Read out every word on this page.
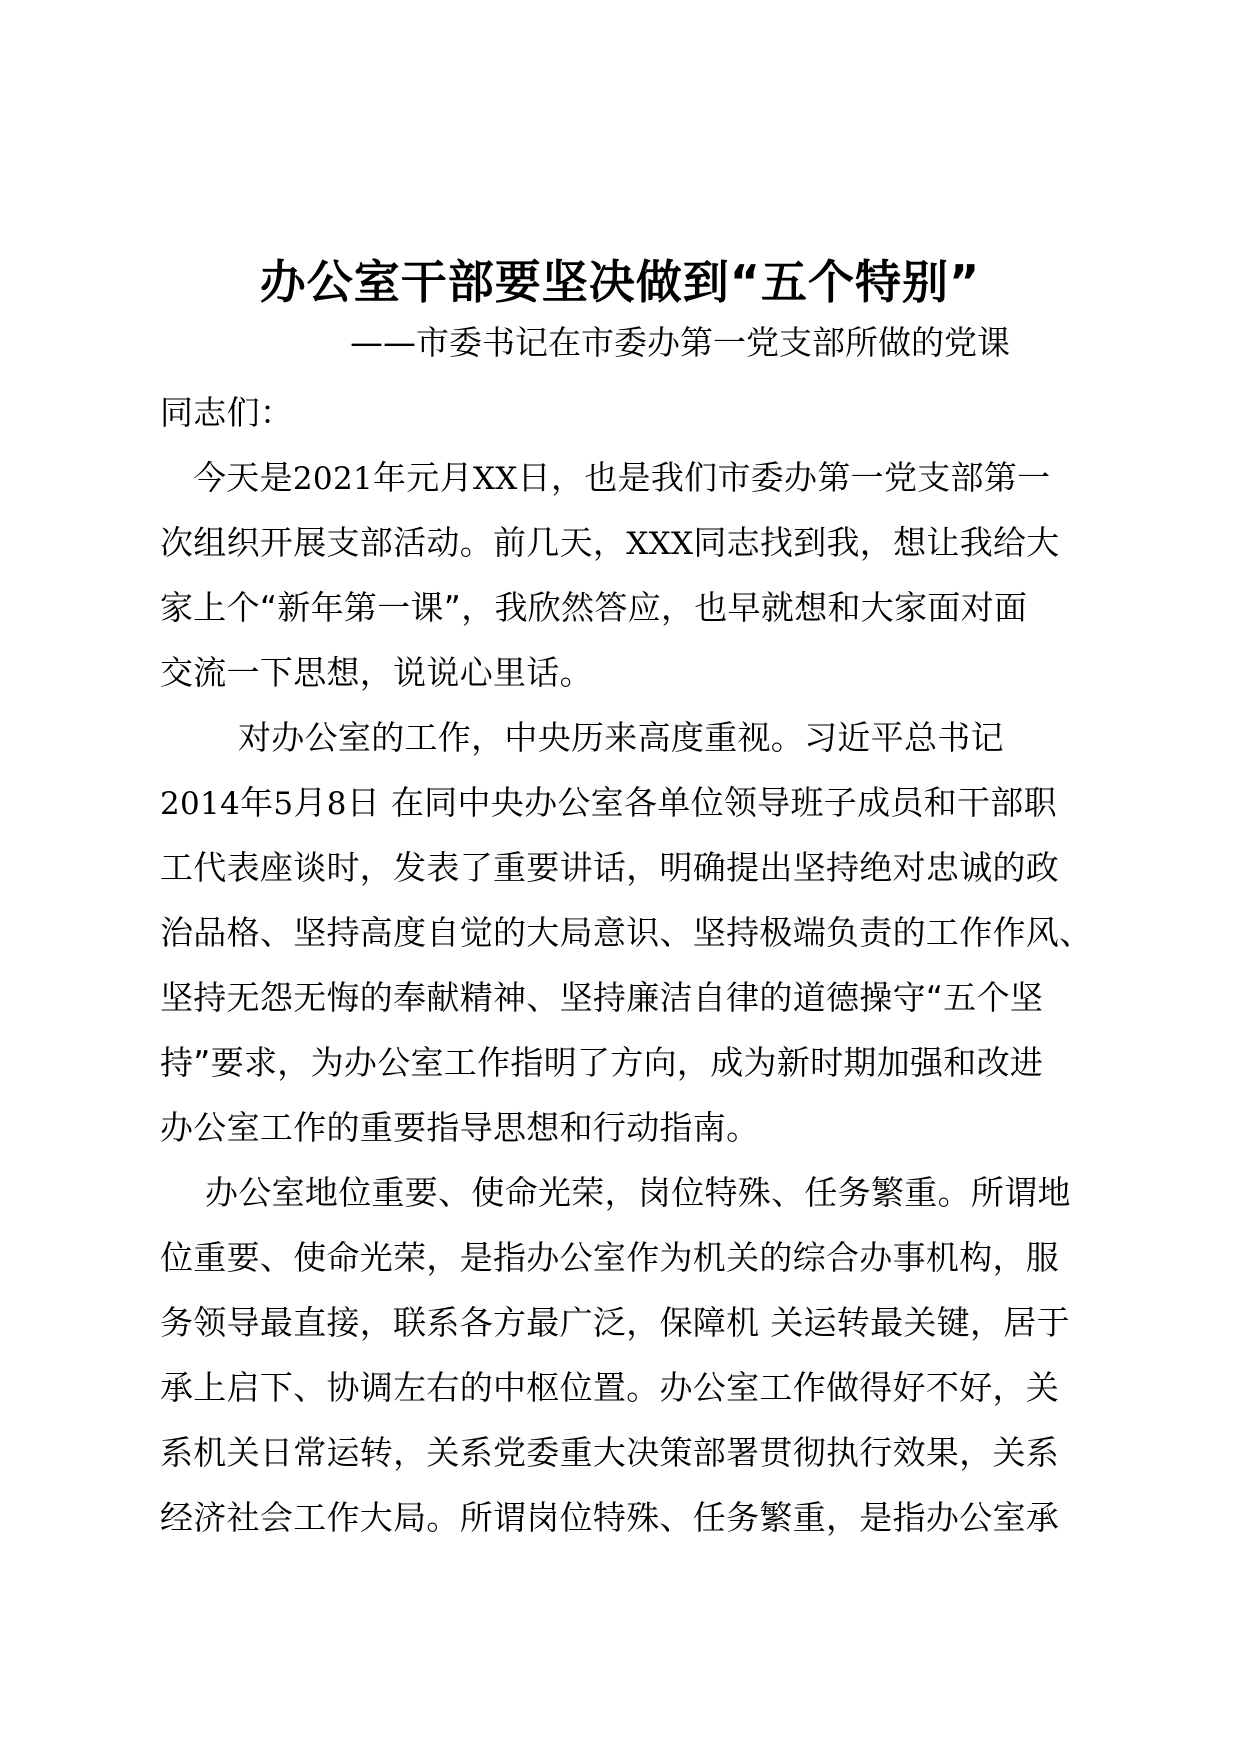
办公室干部要坚决做到“五个特别”
——市委书记在市委办第一党支部所做的党课
同志们：
今天是2021年元月XX日，也是我们市委办第一党支部第一
次组织开展支部活动。前几天，XXX同志找到我，想让我给大
家上个“新年第一课”，我欣然答应，也早就想和大家面对面
交流一下思想，说说心里话。
对办公室的工作，中央历来高度重视。习近平总书记
2014年5月8日 在同中央办公室各单位领导班子成员和干部职
工代表座谈时，发表了重要讲话，明确提出坚持绝对忠诚的政
治品格、坚持高度自觉的大局意识、坚持极端负责的工作作风、
坚持无怨无悔的奉献精神、坚持廉洁自律的道德操守“五个坚
持”要求，为办公室工作指明了方向，成为新时期加强和改进
办公室工作的重要指导思想和行动指南。
办公室地位重要、使命光荣，岗位特殊、任务繁重。所谓地
位重要、使命光荣，是指办公室作为机关的综合办事机构，服
务领导最直接，联系各方最广泛，保障机 关运转最关键，居于
承上启下、协调左右的中枢位置。办公室工作做得好不好，关
系机关日常运转，关系党委重大决策部署贯彻执行效果，关系
经济社会工作大局。所谓岗位特殊、任务繁重，是指办公室承
